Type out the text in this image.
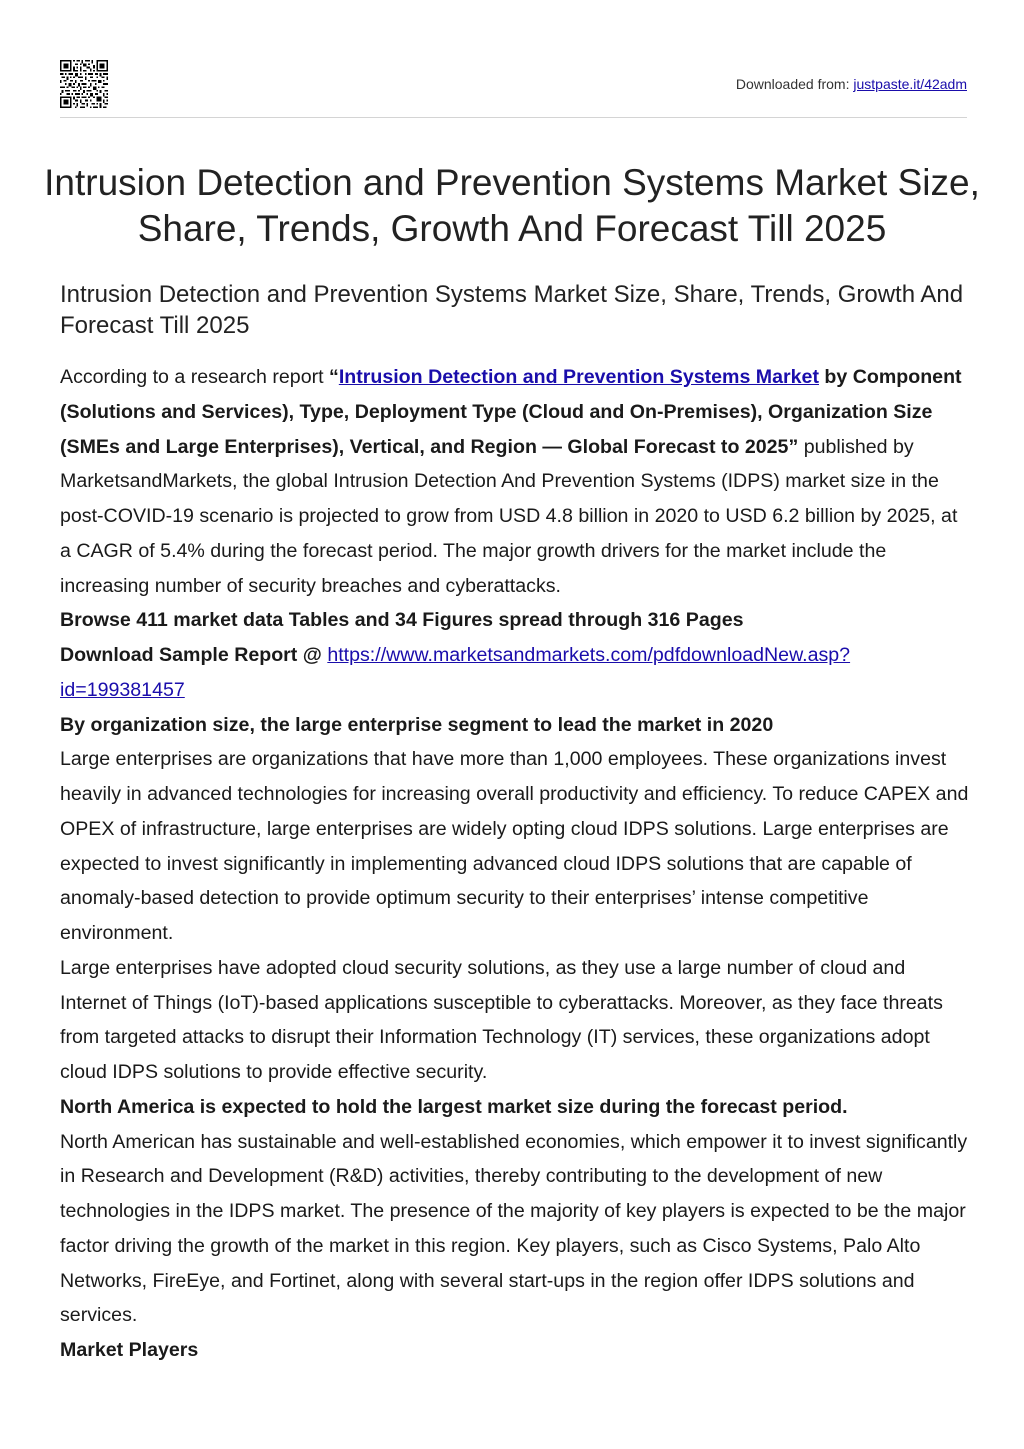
Downloaded from: justpaste.it/42adm
Intrusion Detection and Prevention Systems Market Size, Share, Trends, Growth And Forecast Till 2025
Intrusion Detection and Prevention Systems Market Size, Share, Trends, Growth And Forecast Till 2025

According to a research report “Intrusion Detection and Prevention Systems Market by Component (Solutions and Services), Type, Deployment Type (Cloud and On-Premises), Organization Size (SMEs and Large Enterprises), Vertical, and Region — Global Forecast to 2025” published by MarketsandMarkets, the global Intrusion Detection And Prevention Systems (IDPS) market size in the post-COVID-19 scenario is projected to grow from USD 4.8 billion in 2020 to USD 6.2 billion by 2025, at a CAGR of 5.4% during the forecast period. The major growth drivers for the market include the increasing number of security breaches and cyberattacks.

Browse 411 market data Tables and 34 Figures spread through 316 Pages

Download Sample Report @ https://www.marketsandmarkets.com/pdfdownloadNew.asp?
id=199381457

By organization size, the large enterprise segment to lead the market in 2020

Large enterprises are organizations that have more than 1,000 employees. These organizations invest heavily in advanced technologies for increasing overall productivity and efficiency. To reduce CAPEX and OPEX of infrastructure, large enterprises are widely opting cloud IDPS solutions. Large enterprises are expected to invest significantly in implementing advanced cloud IDPS solutions that are capable of anomaly-based detection to provide optimum security to their enterprises’ intense competitive environment.

Large enterprises have adopted cloud security solutions, as they use a large number of cloud and Internet of Things (IoT)-based applications susceptible to cyberattacks. Moreover, as they face threats from targeted attacks to disrupt their Information Technology (IT) services, these organizations adopt cloud IDPS solutions to provide effective security.

North America is expected to hold the largest market size during the forecast period.

North American has sustainable and well-established economies, which empower it to invest significantly in Research and Development (R&D) activities, thereby contributing to the development of new technologies in the IDPS market. The presence of the majority of key players is expected to be the major factor driving the growth of the market in this region. Key players, such as Cisco Systems, Palo Alto Networks, FireEye, and Fortinet, along with several start-ups in the region offer IDPS solutions and services.

Market Players
